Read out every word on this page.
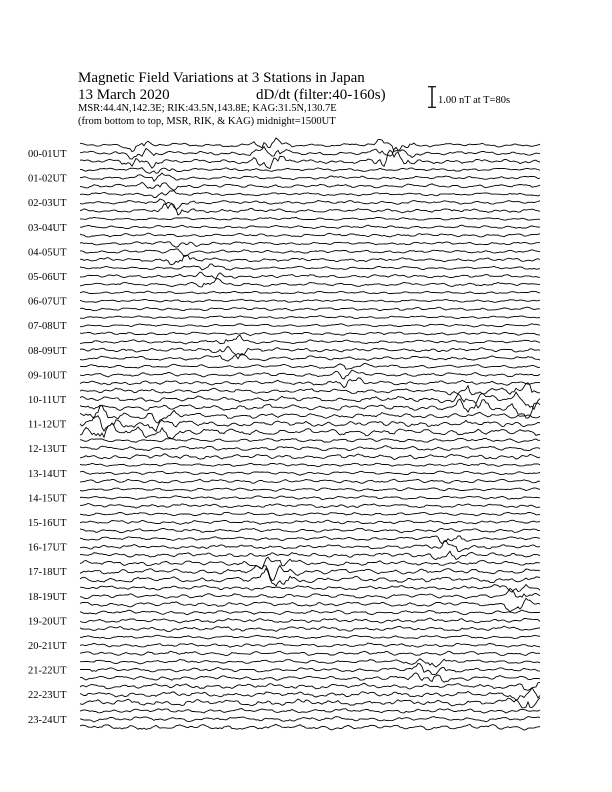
Magnetic Field Variations at 3 Stations in Japan
13 March 2020	dD/dt (filter:40-160s)
MSR:44.4N,142.3E; RIK:43.5N,143.8E; KAG:31.5N,130.7E
(from bottom to top, MSR, RIK, & KAG) midnight=1500UT
1.00 nT at T=80s
00-01UT
01-02UT
02-03UT
03-04UT
04-05UT
05-06UT
06-07UT
07-08UT
08-09UT
09-10UT
10-11UT
11-12UT
12-13UT
13-14UT
14-15UT
15-16UT
16-17UT
17-18UT
18-19UT
19-20UT
20-21UT
21-22UT
22-23UT
23-24UT
